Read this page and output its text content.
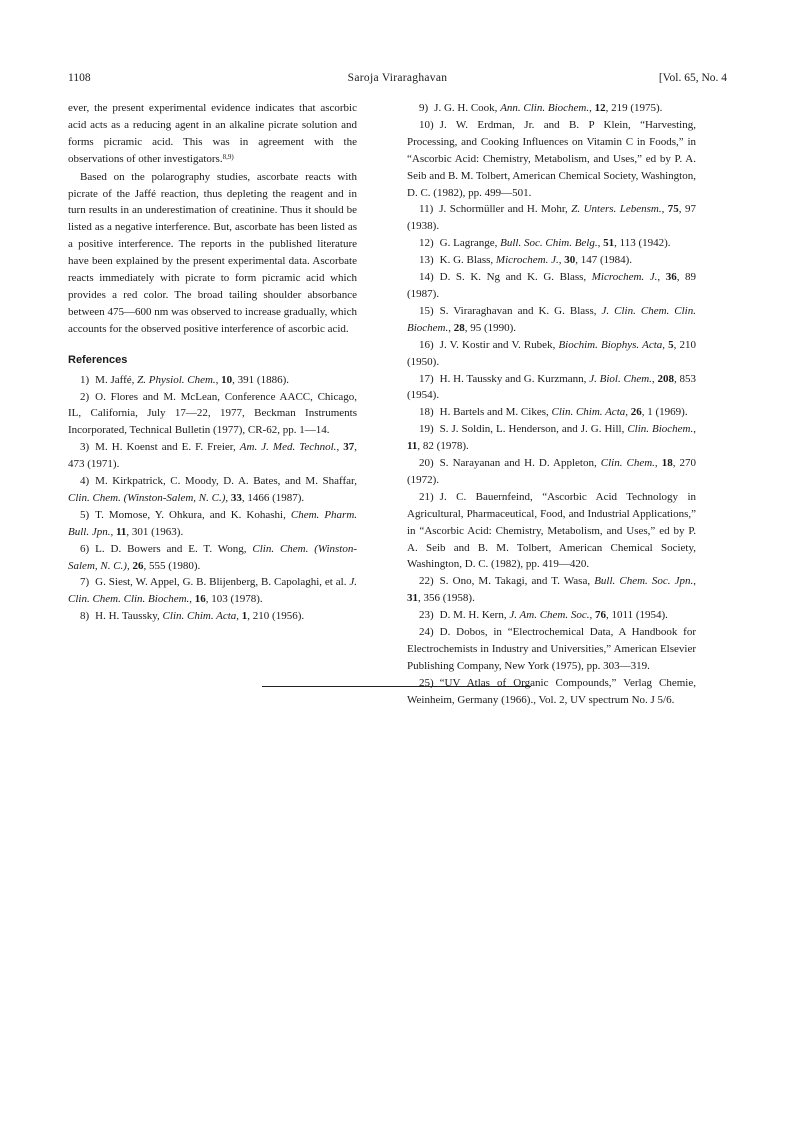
1108	Saroja Viraraghavan	[Vol. 65, No. 4

ever, the present experimental evidence indicates that ascorbic acid acts as a reducing agent in an alkaline picrate solution and forms picramic acid. This was in agreement with the observations of other investigators.$^{8,9)}$

Based on the polarography studies, ascorbate reacts with picrate of the Jaffé reaction, thus depleting the reagent and in turn results in an underestimation of creatinine. Thus it should be listed as a negative interference. But, ascorbate has been listed as a positive interference. The reports in the published literature have been explained by the present experimental data. Ascorbate reacts immediately with picrate to form picramic acid which provides a red color. The broad tailing shoulder absorbance between 475—600 nm was observed to increase gradually, which accounts for the observed positive interference of ascorbic acid.

References

1) M. Jaffé, Z. Physiol. Chem., 10, 391 (1886).

2) O. Flores and M. McLean, Conference AACC, Chicago, IL, California, July 17—22, 1977, Beckman Instruments Incorporated, Technical Bulletin (1977), CR-62, pp. 1—14.

3) M. H. Koenst and E. F. Freier, Am. J. Med. Technol., 37, 473 (1971).

4) M. Kirkpatrick, C. Moody, D. A. Bates, and M. Shaffar, Clin. Chem. (Winston-Salem, N. C.), 33, 1466 (1987).

5) T. Momose, Y. Ohkura, and K. Kohashi, Chem. Pharm. Bull. Jpn., 11, 301 (1963).

6) L. D. Bowers and E. T. Wong, Clin. Chem. (Winston-Salem, N. C.), 26, 555 (1980).

7) G. Siest, W. Appel, G. B. Blijenberg, B. Capolaghi, et al. J. Clin. Chem. Clin. Biochem., 16, 103 (1978).

8) H. H. Taussky, Clin. Chim. Acta, 1, 210 (1956).

9) J. G. H. Cook, Ann. Clin. Biochem., 12, 219 (1975).

10) J. W. Erdman, Jr. and B. P Klein, “Harvesting, Processing, and Cooking Influences on Vitamin C in Foods,” in “Ascorbic Acid: Chemistry, Metabolism, and Uses,” ed by P. A. Seib and B. M. Tolbert, American Chemical Society, Washington, D. C. (1982), pp. 499—501.

11) J. Schormüller and H. Mohr, Z. Unters. Lebensm., 75, 97 (1938).

12) G. Lagrange, Bull. Soc. Chim. Belg., 51, 113 (1942).

13) K. G. Blass, Microchem. J., 30, 147 (1984).

14) D. S. K. Ng and K. G. Blass, Microchem. J., 36, 89 (1987).

15) S. Viraraghavan and K. G. Blass, J. Clin. Chem. Clin. Biochem., 28, 95 (1990).

16) J. V. Kostir and V. Rubek, Biochim. Biophys. Acta, 5, 210 (1950).

17) H. H. Taussky and G. Kurzmann, J. Biol. Chem., 208, 853 (1954).

18) H. Bartels and M. Cikes, Clin. Chim. Acta, 26, 1 (1969).

19) S. J. Soldin, L. Henderson, and J. G. Hill, Clin. Biochem., 11, 82 (1978).

20) S. Narayanan and H. D. Appleton, Clin. Chem., 18, 270 (1972).

21) J. C. Bauernfeind, “Ascorbic Acid Technology in Agricultural, Pharmaceutical, Food, and Industrial Applications,” in “Ascorbic Acid: Chemistry, Metabolism, and Uses,” ed by P. A. Seib and B. M. Tolbert, American Chemical Society, Washington, D. C. (1982), pp. 419—420.

22) S. Ono, M. Takagi, and T. Wasa, Bull. Chem. Soc. Jpn., 31, 356 (1958).

23) D. M. H. Kern, J. Am. Chem. Soc., 76, 1011 (1954).

24) D. Dobos, in “Electrochemical Data, A Handbook for Electrochemists in Industry and Universities,” American Elsevier Publishing Company, New York (1975), pp. 303—319.

25) “UV Atlas of Organic Compounds,” Verlag Chemie, Weinheim, Germany (1966)., Vol. 2, UV spectrum No. J 5/6.
